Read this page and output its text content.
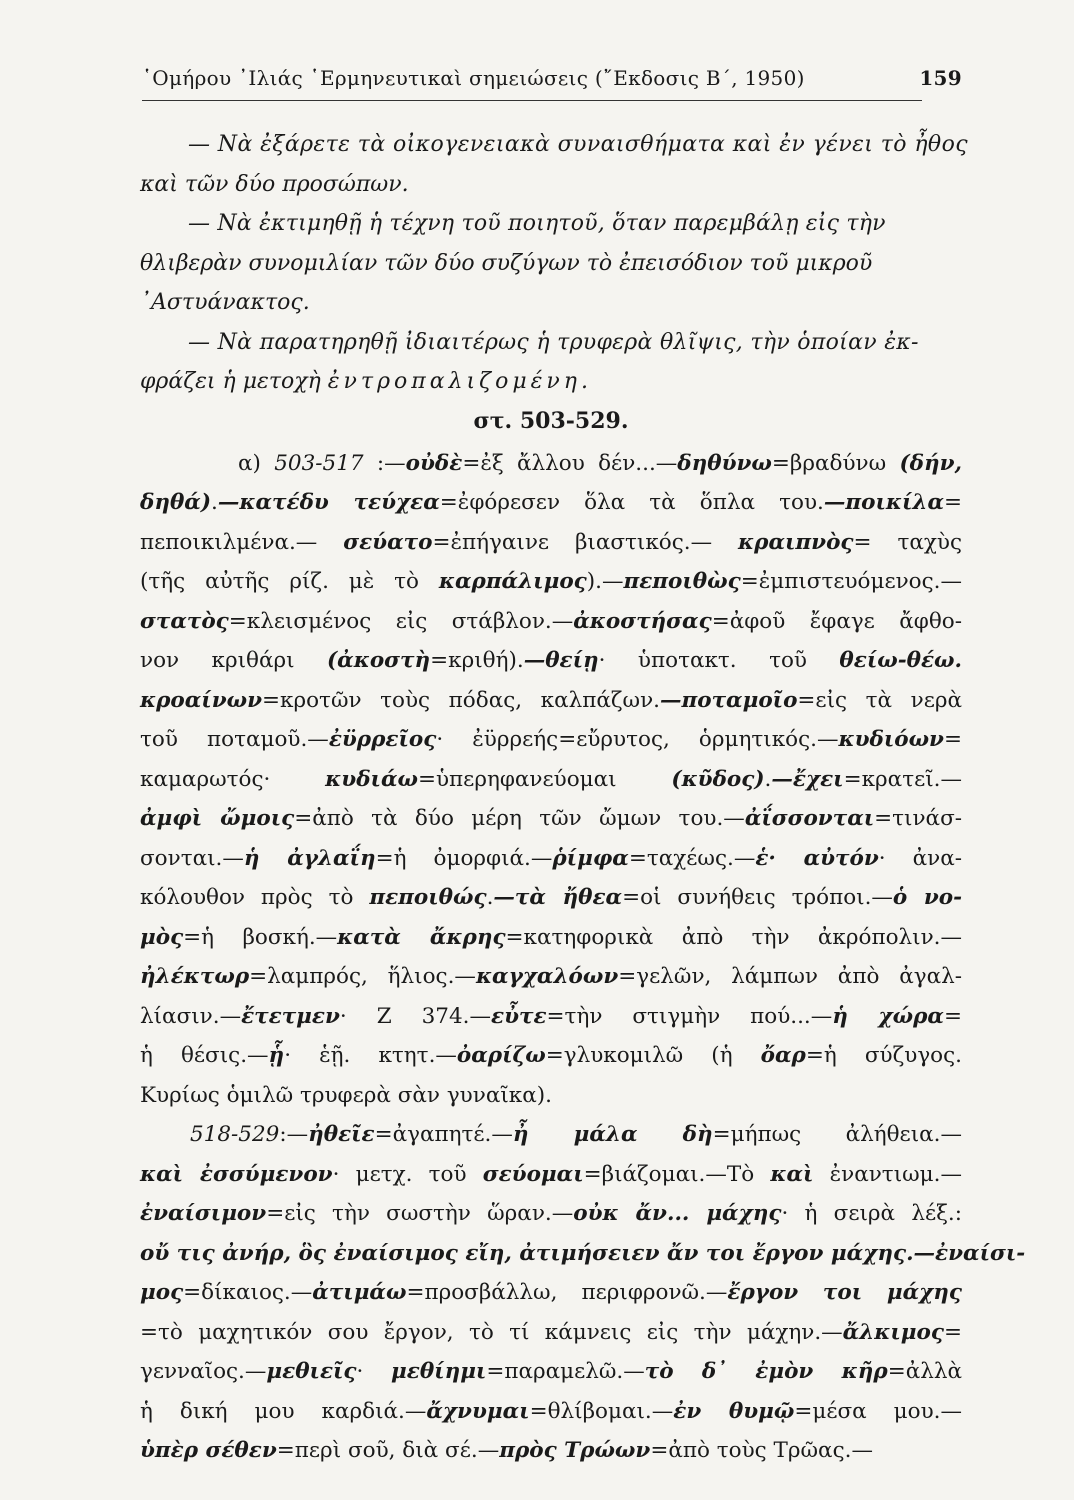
῾Ομήρου ᾿Ιλιάς ῾Ερμηνευτικαὶ σημειώσεις (῎Εκδοσις Β΄, 1950)	159
— Νὰ ἐξάρετε τὰ οἰκογενειακὰ συναισθήματα καὶ ἐν γένει τὸ ἦθος
καὶ τῶν δύο προσώπων.
— Νὰ ἐκτιμηθῇ ἡ τέχνη τοῦ ποιητοῦ, ὅταν παρεμβάλῃ εἰς τὴν
θλιβερὰν συνομιλίαν τῶν δύο συζύγων τὸ ἐπεισόδιον τοῦ μικροῦ
᾿Αστυάνακτος.
— Νὰ παρατηρηθῇ ἰδιαιτέρως ἡ τρυφερὰ θλῖψις, τὴν ὁποίαν ἐκ-
φράζει ἡ μετοχὴ ἐντροπαλιζομένη.
στ. 503-529.
α) 503-517 :—οὐδὲ=ἐξ ἄλλου δέν...—δηθύνω=βραδύνω (δήν,
δηθά).—κατέδυ τεύχεα=ἐφόρεσεν ὅλα τὰ ὅπλα του.—ποικίλα=
πεποικιλμένα.— σεύατο=ἐπήγαινε βιαστικός.— κραιπνὸς= ταχὺς
(τῆς αὐτῆς ρίζ. μὲ τὸ καρπάλιμος).—πεποιθὼς=ἐμπιστευόμενος.—
στατὸς=κλεισμένος εἰς στάβλον.—ἀκοστήσας=ἀφοῦ ἔφαγε ἄφθο-
νον κριθάρι (ἀκοστὴ=κριθή).—θείῃ· ὑποτακτ. τοῦ θείω-θέω.
κροαίνων=κροτῶν τοὺς πόδας, καλπάζων.—ποταμοῖο=εἰς τὰ νερὰ
τοῦ ποταμοῦ.—ἐϋρρεῖος· ἐϋρρεής=εὔρυτος, ὁρμητικός.—κυδιόων=
καμαρωτός· κυδιάω=ὑπερηφανεύομαι (κῦδος).—ἔχει=κρατεῖ.—
ἀμφὶ ὤμοις=ἀπὸ τὰ δύο μέρη τῶν ὤμων του.—ἀΐσσονται=τινάσ-
σονται.—ἡ ἀγλαΐη=ἡ ὀμορφιά.—ῥίμφα=ταχέως.—ἑ· αὐτόν· ἀνα-
κόλουθον πρὸς τὸ πεποιθώς.—τὰ ἤθεα=οἱ συνήθεις τρόποι.—ὁ νο-
μὸς=ἡ βοσκή.—κατὰ ἄκρης=κατηφορικὰ ἀπὸ τὴν ἀκρόπολιν.—
ἠλέκτωρ=λαμπρός, ἥλιος.—καγχαλόων=γελῶν, λάμπων ἀπὸ ἀγαλ-
λίασιν.—ἔτετμεν· Ζ 374.—εὖτε=τὴν στιγμὴν πού...—ἡ χώρα=
ἡ θέσις.—ᾗ· ἑῇ. κτητ.—ὀαρίζω=γλυκομιλῶ (ἡ ὄαρ=ἡ σύζυγος.
Κυρίως ὁμιλῶ τρυφερὰ σὰν γυναῖκα).
518-529:—ἠθεῖε=ἀγαπητέ.—ἦ μάλα δὴ=μήπως ἀλήθεια.—
καὶ ἐσσύμενον· μετχ. τοῦ σεύομαι=βιάζομαι.—Τὸ καὶ ἐναντιωμ.—
ἐναίσιμον=εἰς τὴν σωστὴν ὥραν.—οὐκ ἄν... μάχης· ἡ σειρὰ λέξ.:
οὔ τις ἀνήρ, ὃς ἐναίσιμος εἴη, ἀτιμήσειεν ἄν τοι ἔργον μάχης.—ἐναίσι-
μος=δίκαιος.—ἀτιμάω=προσβάλλω, περιφρονῶ.—ἔργον τοι μάχης
=τὸ μαχητικόν σου ἔργον, τὸ τί κάμνεις εἰς τὴν μάχην.—ἄλκιμος=
γενναῖος.—μεθιεῖς· μεθίημι=παραμελῶ.—τὸ δ᾿ ἐμὸν κῆρ=ἀλλὰ
ἡ δική μου καρδιά.—ἄχνυμαι=θλίβομαι.—ἐν θυμῷ=μέσα μου.—
ὑπὲρ σέθεν=περὶ σοῦ, διὰ σέ.—πρὸς Τρώων=ἀπὸ τοὺς Τρῶας.—
